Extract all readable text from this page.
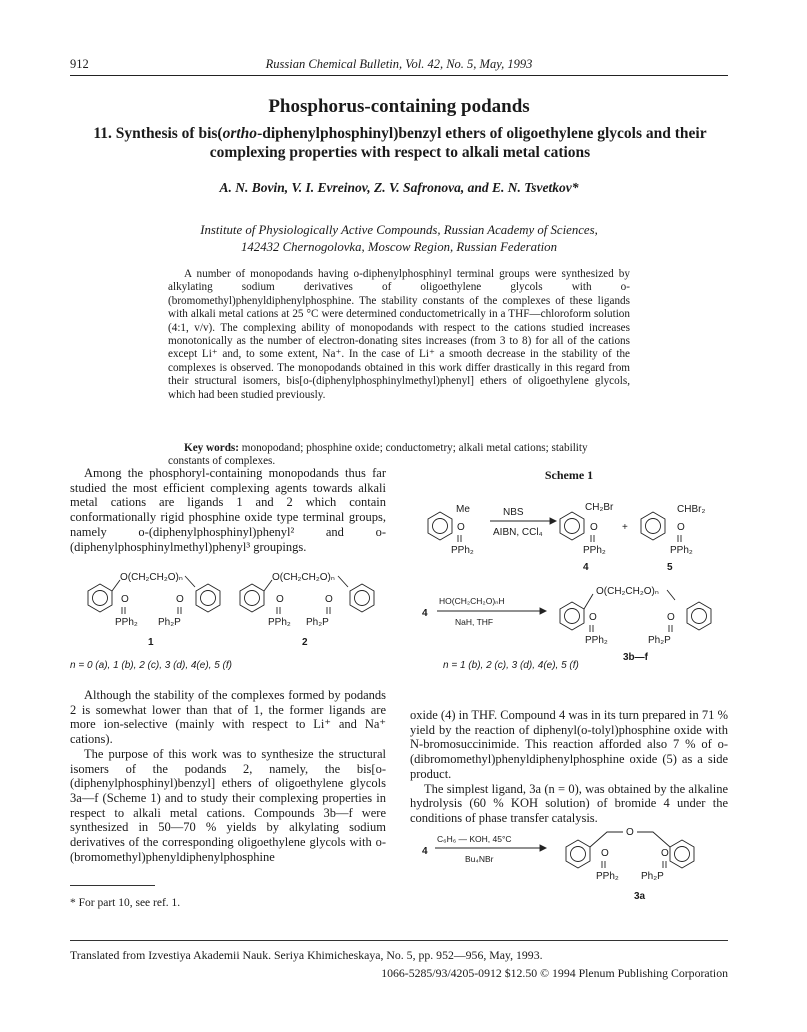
912	Russian Chemical Bulletin, Vol. 42, No. 5, May, 1993
Phosphorus-containing podands
11. Synthesis of bis(ortho-diphenylphosphinyl)benzyl ethers of oligoethylene glycols and their complexing properties with respect to alkali metal cations
A. N. Bovin, V. I. Evreinov, Z. V. Safronova, and E. N. Tsvetkov*
Institute of Physiologically Active Compounds, Russian Academy of Sciences,
142432 Chernogolovka, Moscow Region, Russian Federation
A number of monopodands having o-diphenylphosphinyl terminal groups were synthesized by alkylating sodium derivatives of oligoethylene glycols with o-(bromomethyl)phenyldiphenylphosphine. The stability constants of the complexes of these ligands with alkali metal cations at 25 °C were determined conductometrically in a THF—chloroform solution (4:1, v/v). The complexing ability of monopodands with respect to the cations studied increases monotonically as the number of electron-donating sites increases (from 3 to 8) for all of the cations except Li⁺ and, to some extent, Na⁺. In the case of Li⁺ a smooth decrease in the stability of the complexes is observed. The monopodands obtained in this work differ drastically in this regard from their structural isomers, bis[o-(diphenylphosphinylmethyl)phenyl] ethers of oligoethylene glycols, which had been studied previously.
Key words: monopodand; phosphine oxide; conductometry; alkali metal cations; stability constants of complexes.

Among the phosphoryl-containing monopodands thus far studied the most efficient complexing agents towards alkali metal cations are ligands 1 and 2 which contain conformationally rigid phosphine oxide type terminal groups, namely o-(diphenylphosphinyl)phenyl² and o-(diphenylphosphinylmethyl)phenyl³ groupings.

O(CH₂CH₂O)ₙ
O
PPh₂
O
Ph₂P
1
O(CH₂CH₂O)ₙ
O
PPh₂
O
Ph₂P
2
n = 0 (a), 1 (b), 2 (c), 3 (d), 4(e), 5 (f)

Although the stability of the complexes formed by podands 2 is somewhat lower than that of 1, the former ligands are more ion-selective (mainly with respect to Li⁺ and Na⁺ cations).

The purpose of this work was to synthesize the structural isomers of the podands 2, namely, the bis[o-(diphenylphosphinyl)benzyl] ethers of oligoethylene glycols 3a—f (Scheme 1) and to study their complexing properties in respect to alkali metal cations. Compounds 3b—f were synthesized in 50—70 % yields by alkylating sodium derivatives of the corresponding oligoethylene glycols with o-(bromomethyl)phenyldiphenylphosphine

* For part 10, see ref. 1.
Scheme 1
Me
O
PPh₂
NBS
AIBN, CCl₄
CH₂Br
O
PPh₂
4
+
CHBr₂
O
PPh₂
5
4
HO(CH₂CH₂O)ₙH
NaH, THF
O(CH₂CH₂O)ₙ
O
PPh₂
O
Ph₂P
3b—f
n = 1 (b), 2 (c), 3 (d), 4(e), 5 (f)

oxide (4) in THF. Compound 4 was in its turn prepared in 71 % yield by the reaction of diphenyl(o-tolyl)phosphine oxide with N-bromosuccinimide. This reaction afforded also 7 % of o-(dibromomethyl)phenyldiphenylphosphine oxide (5) as a side product.

The simplest ligand, 3a (n = 0), was obtained by the alkaline hydrolysis (60 % KOH solution) of bromide 4 under the conditions of phase transfer catalysis.

4
C₆H₆ — KOH, 45°C
Bu₄NBr
O
O
PPh₂
O
Ph₂P
3a
Translated from Izvestiya Akademii Nauk. Seriya Khimicheskaya, No. 5, pp. 952—956, May, 1993.
1066-5285/93/4205-0912 $12.50 © 1994 Plenum Publishing Corporation
